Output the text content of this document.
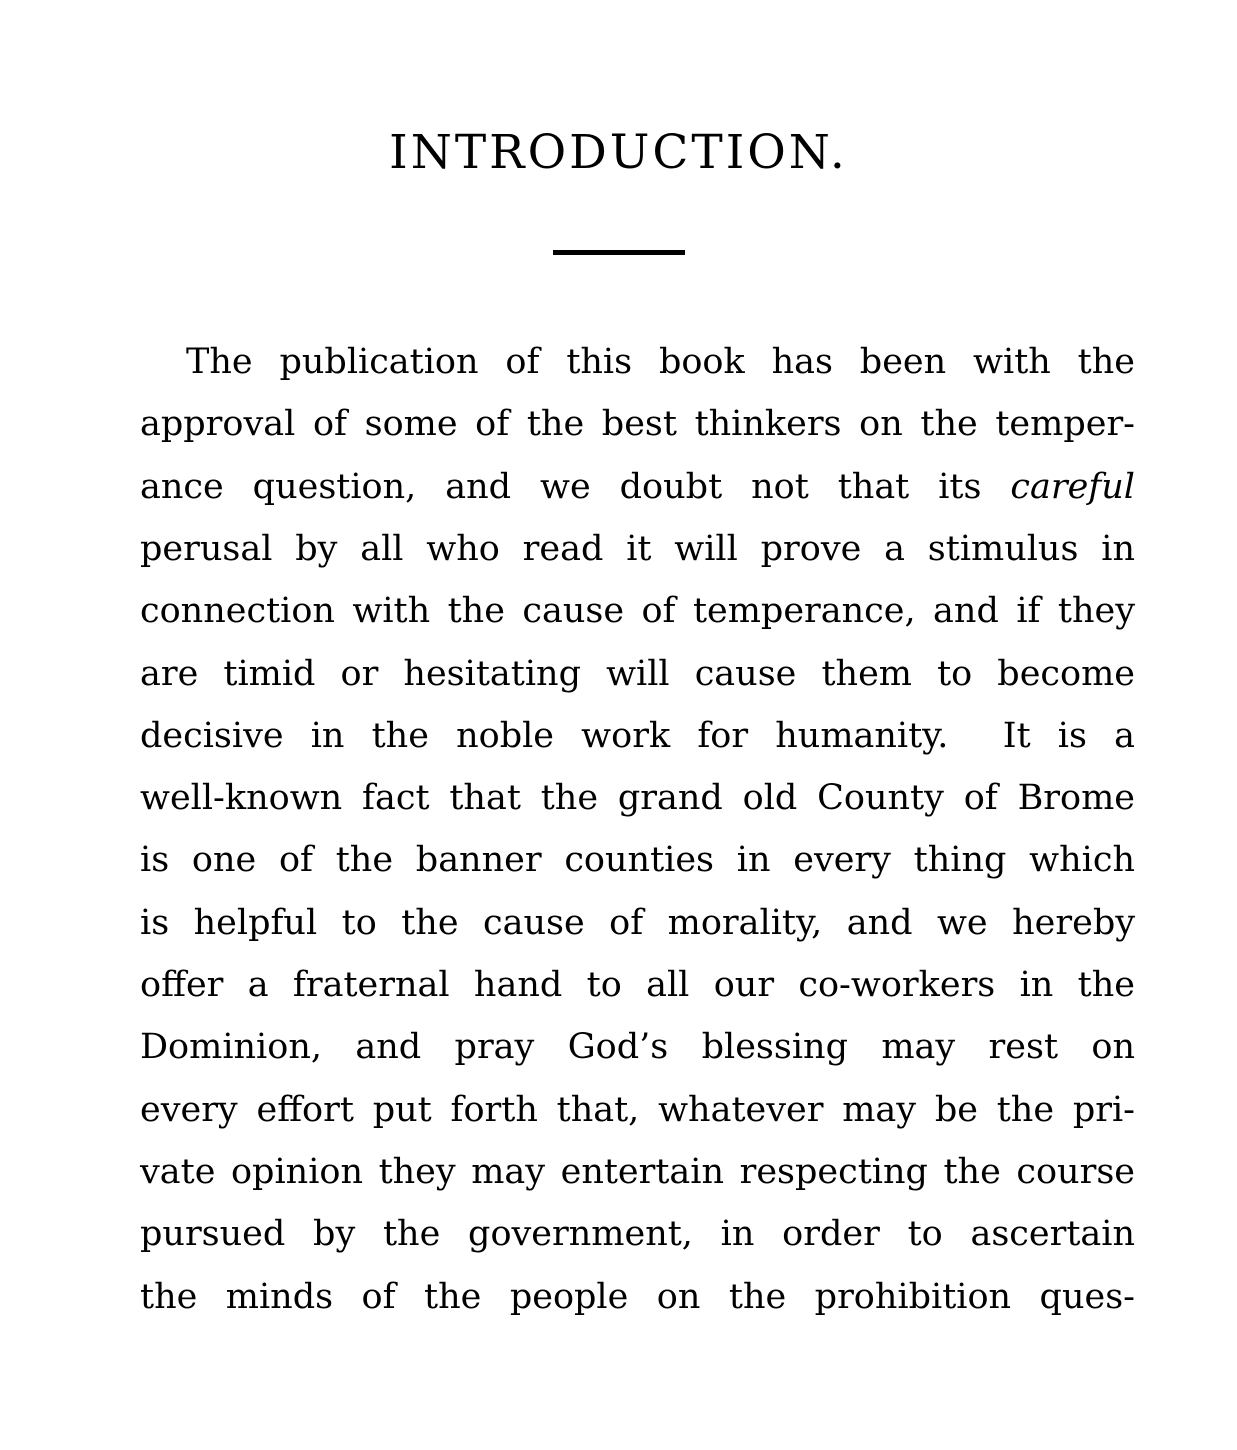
INTRODUCTION.
The publication of this book has been with the
approval of some of the best thinkers on the temper-
ance question, and we doubt not that its careful
perusal by all who read it will prove a stimulus in
connection with the cause of temperance, and if they
are timid or hesitating will cause them to become
decisive in the noble work for humanity.  It is a
well-known fact that the grand old County of Brome
is one of the banner counties in every thing which
is helpful to the cause of morality, and we hereby
offer a fraternal hand to all our co-workers in the
Dominion, and pray God’s blessing may rest on
every effort put forth that, whatever may be the pri-
vate opinion they may entertain respecting the course
pursued by the government, in order to ascertain
the minds of the people on the prohibition ques-
